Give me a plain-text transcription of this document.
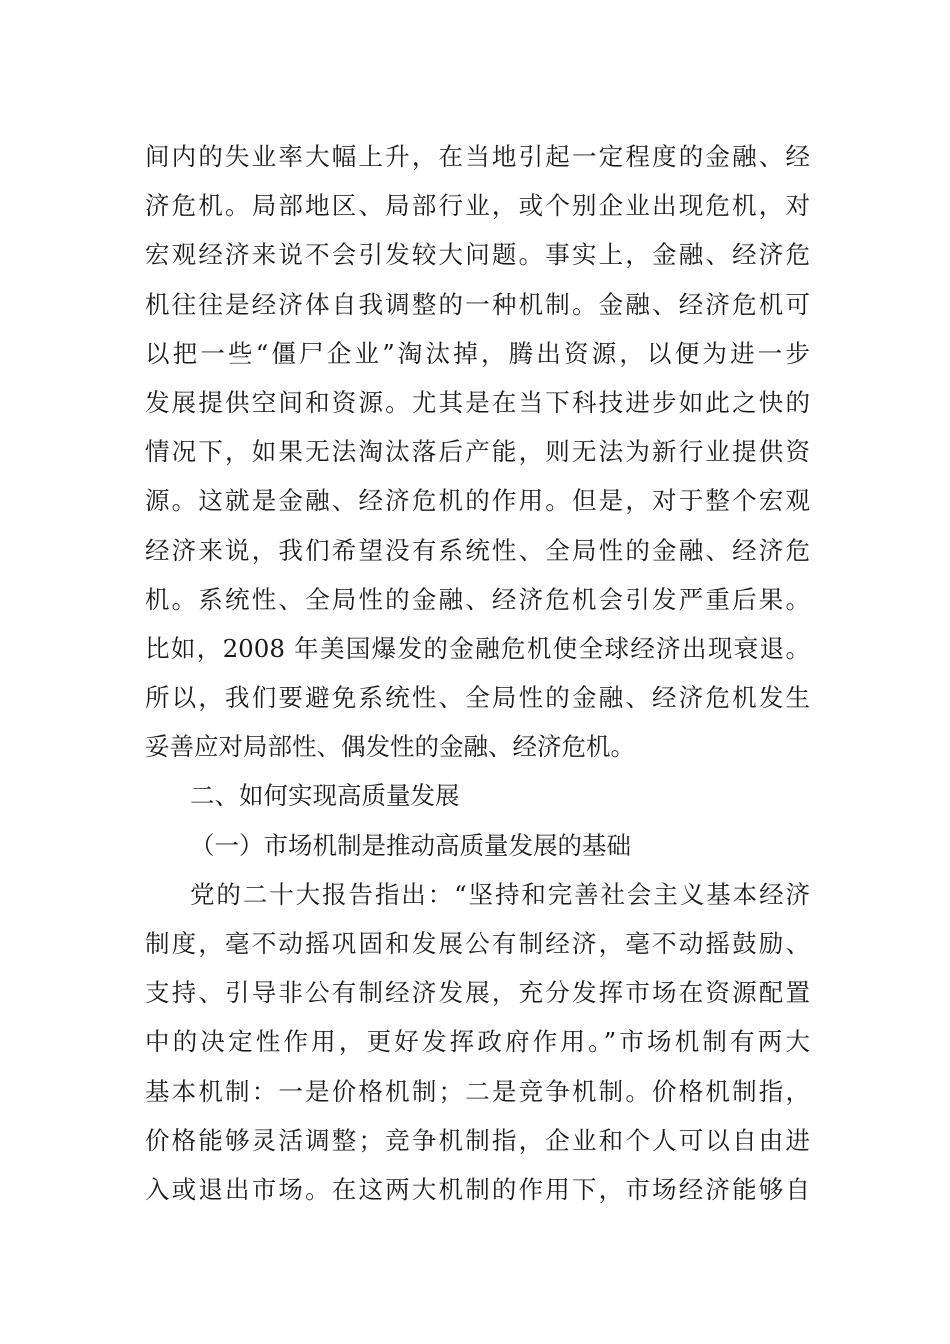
间内的失业率大幅上升，在当地引起一定程度的金融、经
济危机。局部地区、局部行业，或个别企业出现危机，对
宏观经济来说不会引发较大问题。事实上，金融、经济危
机往往是经济体自我调整的一种机制。金融、经济危机可
以把一些“僵尸企业”淘汰掉，腾出资源，以便为进一步
发展提供空间和资源。尤其是在当下科技进步如此之快的
情况下，如果无法淘汰落后产能，则无法为新行业提供资
源。这就是金融、经济危机的作用。但是，对于整个宏观
经济来说，我们希望没有系统性、全局性的金融、经济危
机。系统性、全局性的金融、经济危机会引发严重后果。
比如，2008 年美国爆发的金融危机使全球经济出现衰退。
所以，我们要避免系统性、全局性的金融、经济危机发生
妥善应对局部性、偶发性的金融、经济危机。
二、如何实现高质量发展
（一）市场机制是推动高质量发展的基础
党的二十大报告指出：“坚持和完善社会主义基本经济
制度，毫不动摇巩固和发展公有制经济，毫不动摇鼓励、
支持、引导非公有制经济发展，充分发挥市场在资源配置
中的决定性作用，更好发挥政府作用。”市场机制有两大
基本机制：一是价格机制；二是竞争机制。价格机制指，
价格能够灵活调整；竞争机制指，企业和个人可以自由进
入或退出市场。在这两大机制的作用下，市场经济能够自
